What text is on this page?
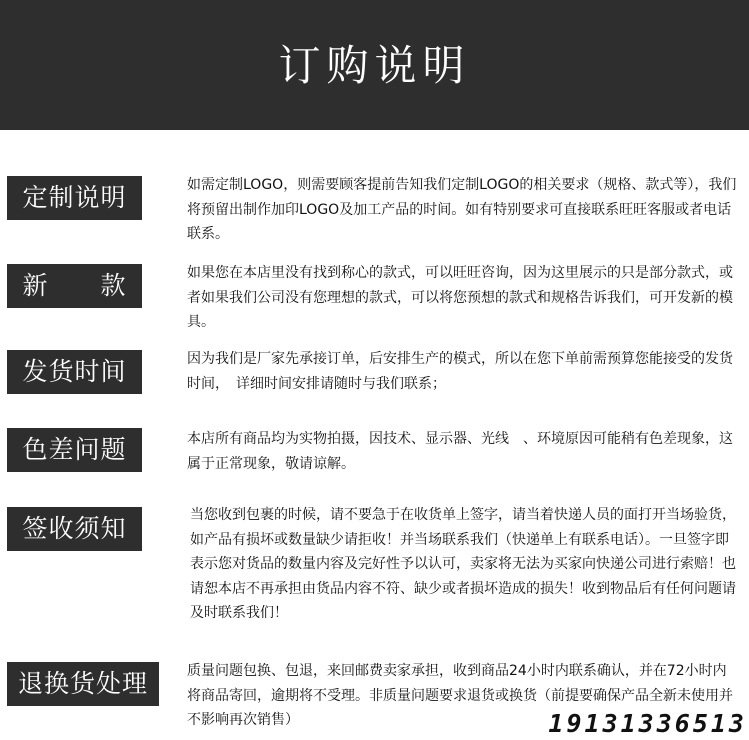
订购说明
定制说明	如需定制LOGO，则需要顾客提前告知我们定制LOGO的相关要求（规格、款式等），我们将预留出制作加印LOGO及加工产品的时间。如有特别要求可直接联系旺旺客服或者电话联系。
新　　款	如果您在本店里没有找到称心的款式，可以旺旺咨询，因为这里展示的只是部分款式，或者如果我们公司没有您理想的款式，可以将您预想的款式和规格告诉我们，可开发新的模具。
发货时间	因为我们是厂家先承接订单，后安排生产的模式，所以在您下单前需预算您能接受的发货时间，　详细时间安排请随时与我们联系；
色差问题	本店所有商品均为实物拍摄，因技术、显示器、光线　、环境原因可能稍有色差现象，这属于正常现象，敬请谅解。
签收须知	当您收到包裹的时候，请不要急于在收货单上签字，请当着快递人员的面打开当场验货，如产品有损坏或数量缺少请拒收！并当场联系我们（快递单上有联系电话）。一旦签字即表示您对货品的数量内容及完好性予以认可，卖家将无法为买家向快递公司进行索赔！也请恕本店不再承担由货品内容不符、缺少或者损坏造成的损失！收到物品后有任何问题请及时联系我们！
退换货处理	质量问题包换、包退，来回邮费卖家承担，收到商品24小时内联系确认，并在72小时内将商品寄回，逾期将不受理。非质量问题要求退货或换货（前提要确保产品全新未使用并不影响再次销售）	19131336513
